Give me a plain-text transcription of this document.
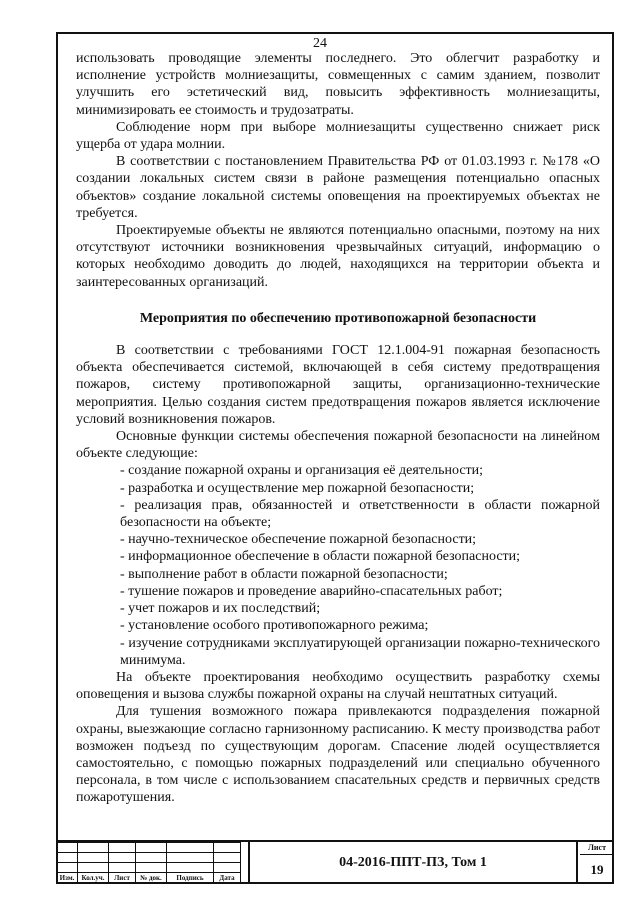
24

использовать проводящие элементы последнего. Это облегчит разработку и исполнение устройств молниезащиты, совмещенных с самим зданием, позволит улучшить его эстетический вид, повысить эффективность молниезащиты, минимизировать ее стоимость и трудозатраты.

Соблюдение норм при выборе молниезащиты существенно снижает риск ущерба от удара молнии.

В соответствии с постановлением Правительства РФ от 01.03.1993 г. №178 «О создании локальных систем связи в районе размещения потенциально опасных объектов» создание локальной системы оповещения на проектируемых объектах не требуется.

Проектируемые объекты не являются потенциально опасными, поэтому на них отсутствуют источники возникновения чрезвычайных ситуаций, информацию о которых необходимо доводить до людей, находящихся на территории объекта и заинтересованных организаций.

Мероприятия по обеспечению противопожарной безопасности

В соответствии с требованиями ГОСТ 12.1.004-91 пожарная безопасность объекта обеспечивается системой, включающей в себя систему предотвращения пожаров, систему противопожарной защиты, организационно-технические мероприятия. Целью создания систем предотвращения пожаров является исключение условий возникновения пожаров.

Основные функции системы обеспечения пожарной безопасности на линейном объекте следующие:

- создание пожарной охраны и организация её деятельности;
- разработка и осуществление мер пожарной безопасности;
- реализация прав, обязанностей и ответственности в области пожарной безопасности на объекте;
- научно-техническое обеспечение пожарной безопасности;
- информационное обеспечение в области пожарной безопасности;
- выполнение работ в области пожарной безопасности;
- тушение пожаров и проведение аварийно-спасательных работ;
- учет пожаров и их последствий;
- установление особого противопожарного режима;
- изучение сотрудниками эксплуатирующей организации пожарно-технического минимума.

На объекте проектирования необходимо осуществить разработку схемы оповещения и вызова службы пожарной охраны на случай нештатных ситуаций.

Для тушения возможного пожара привлекаются подразделения пожарной охраны, выезжающие согласно гарнизонному расписанию. К месту производства работ возможен подъезд по существующим дорогам. Спасение людей осуществляется самостоятельно, с помощью пожарных подразделений или специально обученного персонала, в том числе с использованием спасательных средств и первичных средств пожаротушения.

Изм.	Кол.уч.	Лист	№ док.	Подпись	Дата
04-2016-ППТ-ПЗ, Том 1
Лист
19
